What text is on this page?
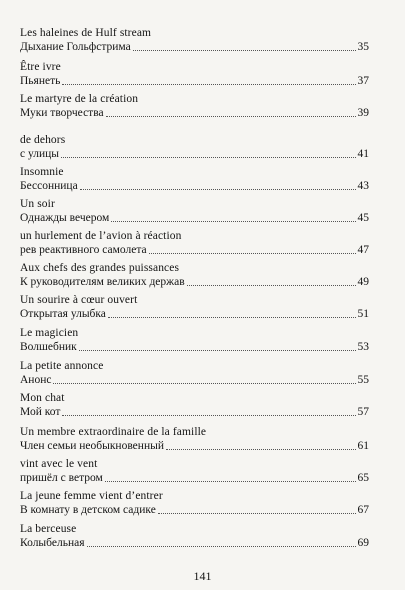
Les haleines de Hulf stream
Дыхание Гольфстрима	35
Être ivre
Пьянеть	37
Le martyre de la création
Муки творчества	39
de dehors
с улицы	41
Insomnie
Бессонница	43
Un soir
Однажды вечером	45
un hurlement de l’avion à réaction
рев реактивного самолета	47
Aux chefs des grandes puissances
К руководителям великих держав	49
Un sourire à cœur ouvert
Открытая улыбка	51
Le magicien
Волшебник	53
La petite annonce
Анонс	55
Mon chat
Мой кот	57
Un membre extraordinaire de la famille
Член семьи необыкновенный	61
vint avec le vent
пришёл с ветром	65
La jeune femme vient d’entrer
В комнату в детском садике	67
La berceuse
Колыбельная	69
141
